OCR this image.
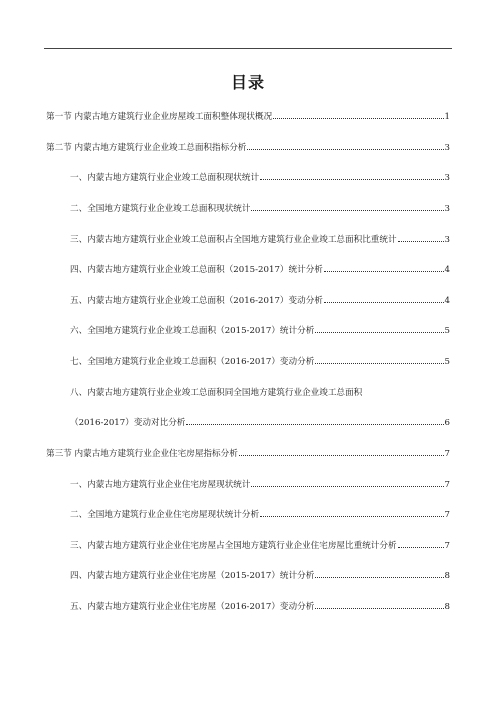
目录
第一节 内蒙古地方建筑行业企业房屋竣工面积整体现状概况	1
第二节 内蒙古地方建筑行业企业竣工总面积指标分析	3
一、内蒙古地方建筑行业企业竣工总面积现状统计	3
二、全国地方建筑行业企业竣工总面积现状统计	3
三、内蒙古地方建筑行业企业竣工总面积占全国地方建筑行业企业竣工总面积比重统计	3
四、内蒙古地方建筑行业企业竣工总面积（2015-2017）统计分析	4
五、内蒙古地方建筑行业企业竣工总面积（2016-2017）变动分析	4
六、全国地方建筑行业企业竣工总面积（2015-2017）统计分析	5
七、全国地方建筑行业企业竣工总面积（2016-2017）变动分析	5
八、内蒙古地方建筑行业企业竣工总面积同全国地方建筑行业企业竣工总面积
（2016-2017）变动对比分析	6
第三节 内蒙古地方建筑行业企业住宅房屋指标分析	7
一、内蒙古地方建筑行业企业住宅房屋现状统计	7
二、全国地方建筑行业企业住宅房屋现状统计分析	7
三、内蒙古地方建筑行业企业住宅房屋占全国地方建筑行业企业住宅房屋比重统计分析	7
四、内蒙古地方建筑行业企业住宅房屋（2015-2017）统计分析	8
五、内蒙古地方建筑行业企业住宅房屋（2016-2017）变动分析	8
